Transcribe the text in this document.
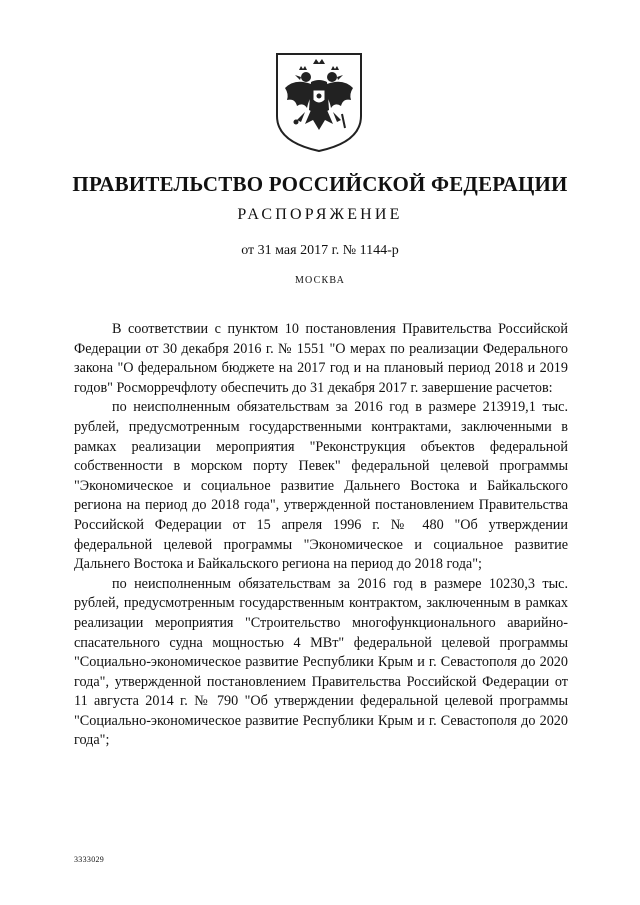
ПРАВИТЕЛЬСТВО РОССИЙСКОЙ ФЕДЕРАЦИИ
РАСПОРЯЖЕНИЕ
от 31 мая 2017 г. № 1144-р
МОСКВА

В соответствии с пунктом 10 постановления Правительства Российской Федерации от 30 декабря 2016 г. № 1551 "О мерах по реализации Федерального закона "О федеральном бюджете на 2017 год и на плановый период 2018 и 2019 годов" Росморречфлоту обеспечить до 31 декабря 2017 г. завершение расчетов:

по неисполненным обязательствам за 2016 год в размере 213919,1 тыс. рублей, предусмотренным государственными контрактами, заключенными в рамках реализации мероприятия "Реконструкция объектов федеральной собственности в морском порту Певек" федеральной целевой программы "Экономическое и социальное развитие Дальнего Востока и Байкальского региона на период до 2018 года", утвержденной постановлением Правительства Российской Федерации от 15 апреля 1996 г. № 480 "Об утверждении федеральной целевой программы "Экономическое и социальное развитие Дальнего Востока и Байкальского региона на период до 2018 года";

по неисполненным обязательствам за 2016 год в размере 10230,3 тыс. рублей, предусмотренным государственным контрактом, заключенным в рамках реализации мероприятия "Строительство многофункционального аварийно-спасательного судна мощностью 4 МВт" федеральной целевой программы "Социально-экономическое развитие Республики Крым и г. Севастополя до 2020 года", утвержденной постановлением Правительства Российской Федерации от 11 августа 2014 г. № 790 "Об утверждении федеральной целевой программы "Социально-экономическое развитие Республики Крым и г. Севастополя до 2020 года";

3333029
